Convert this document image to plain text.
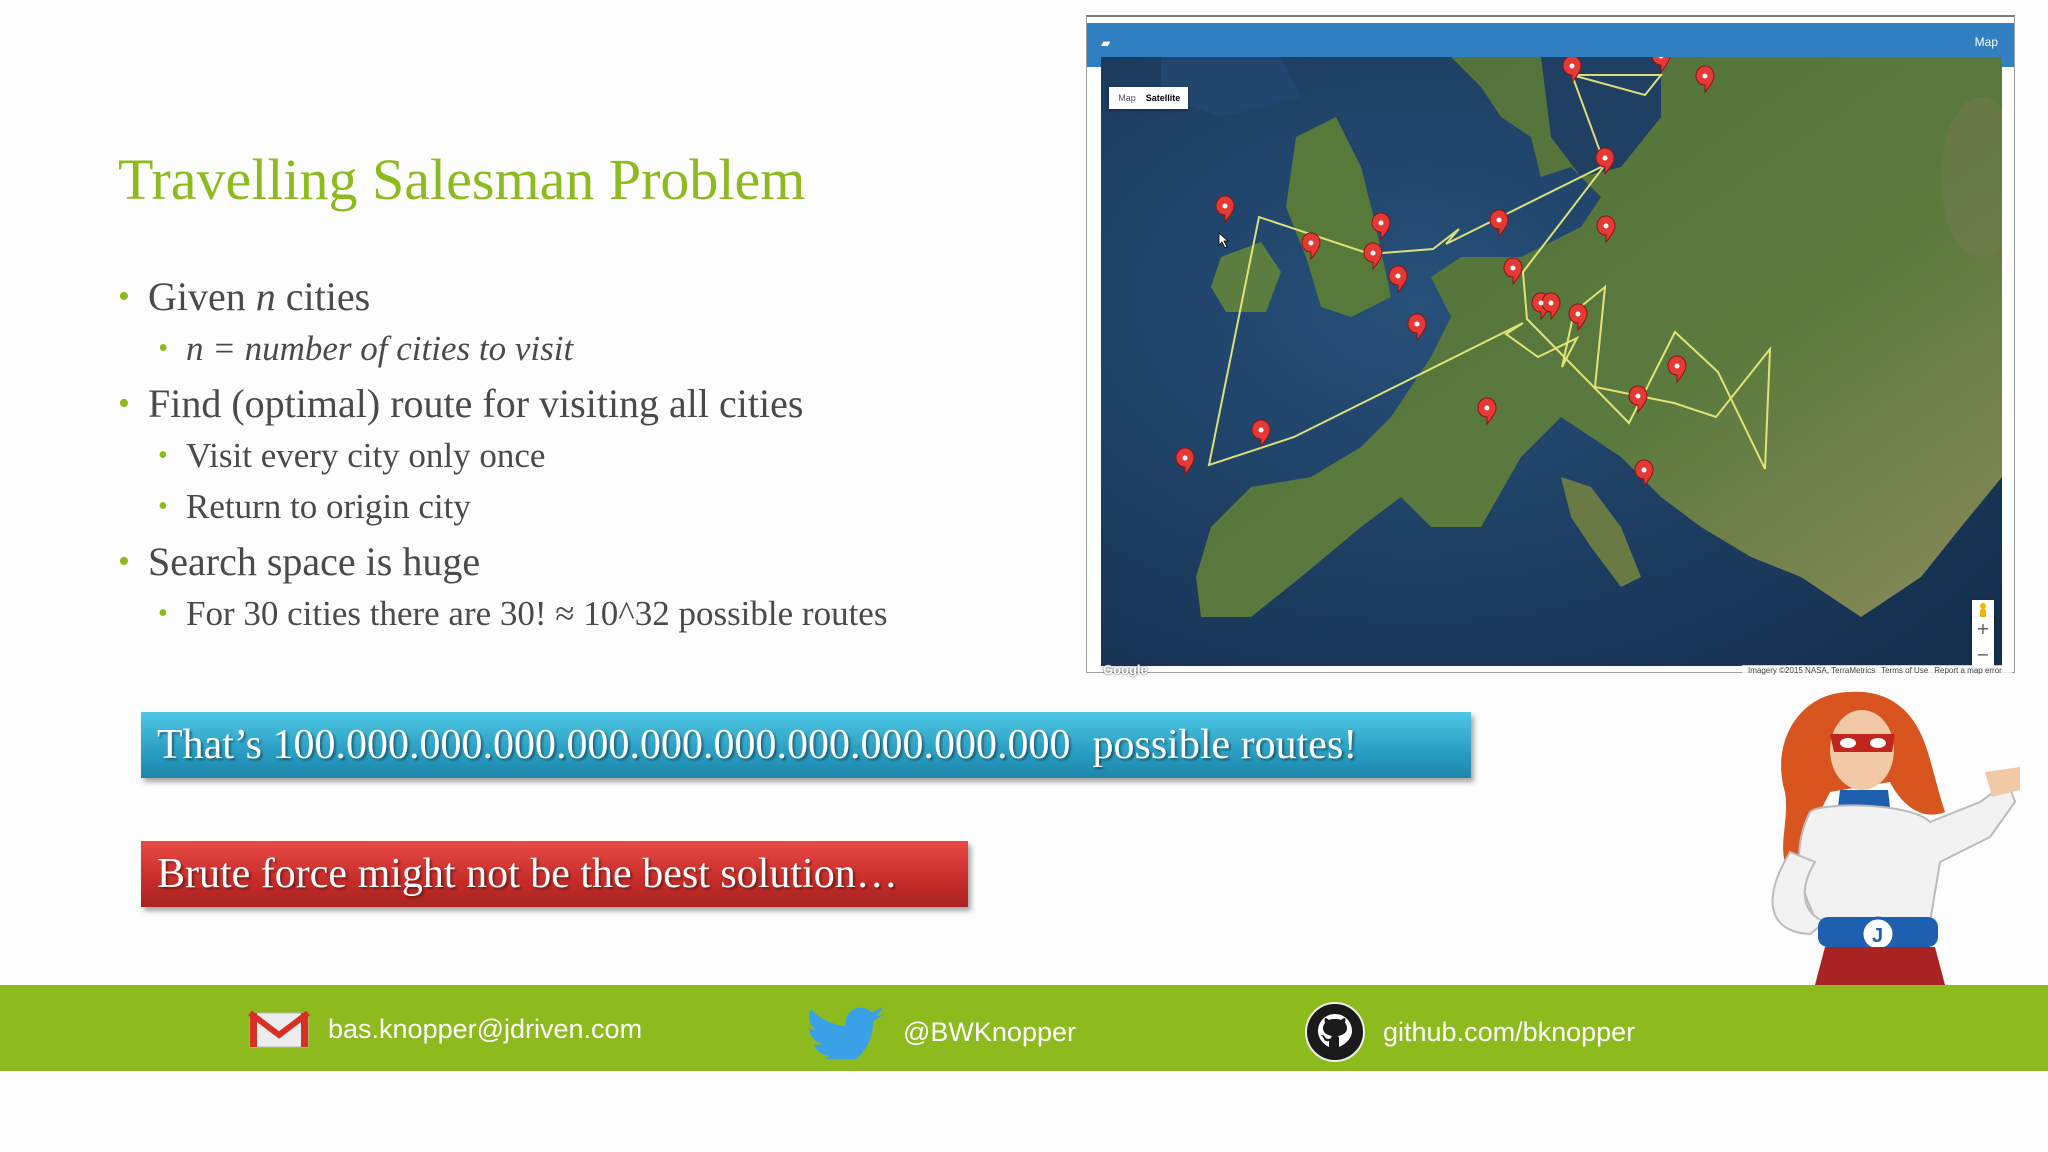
Travelling Salesman Problem
• Given n cities
• n = number of cities to visit
• Find (optimal) route for visiting all cities
• Visit every city only once
• Return to origin city
• Search space is huge
• For 30 cities there are 30! ≈ 10^32 possible routes
That’s 100.000.000.000.000.000.000.000.000.000.000 possible routes!
Brute force might not be the best solution…
▰	Map
Map Satellite
+
−
Google	Imagery ©2015 NASA, TerraMetrics Terms of Use Report a map error
J
bas.knopper@jdriven.com	@BWKnopper	github.com/bknopper
